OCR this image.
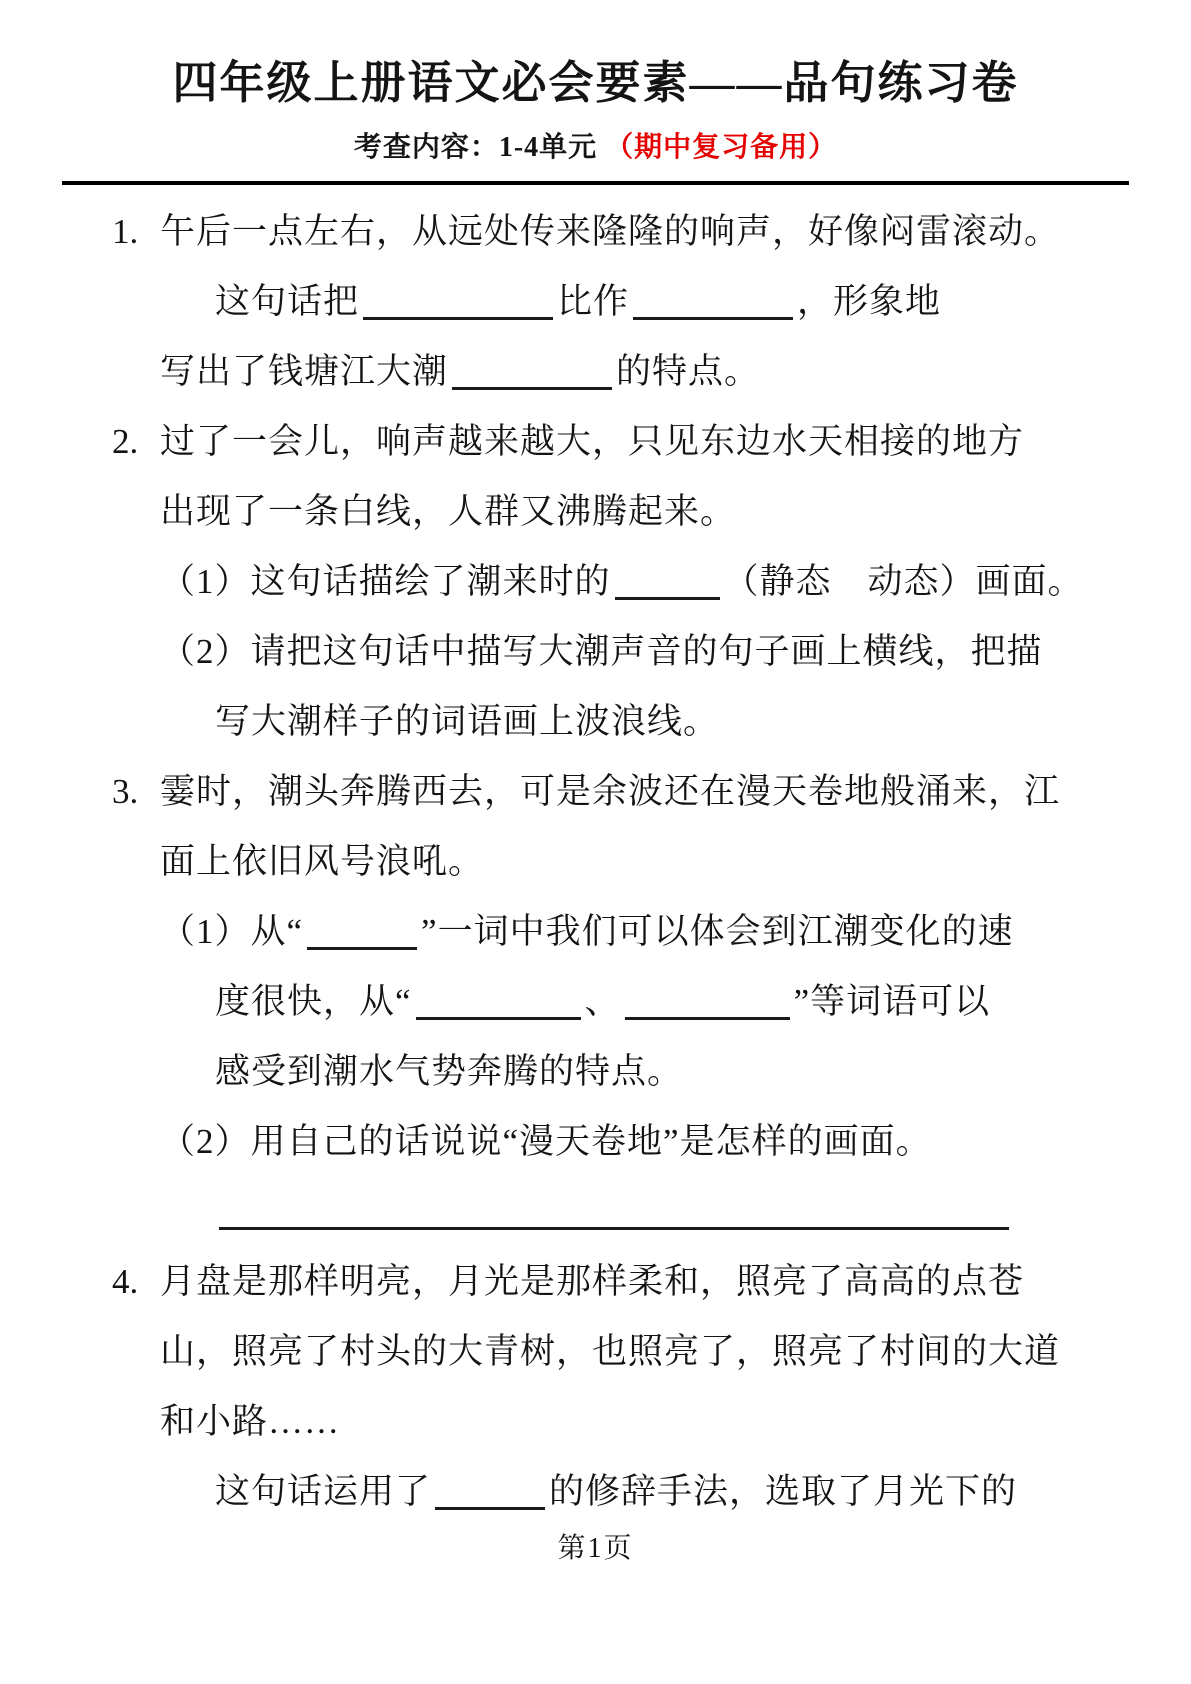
四年级上册语文必会要素——品句练习卷
考查内容：1-4单元 （期中复习备用）
1. 午后一点左右，从远处传来隆隆的响声，好像闷雷滚动。
这句话把	比作	，形象地
写出了钱塘江大潮	的特点。
2. 过了一会儿，响声越来越大，只见东边水天相接的地方
出现了一条白线，人群又沸腾起来。
（1）这句话描绘了潮来时的	（静态　动态）画面。
（2）请把这句话中描写大潮声音的句子画上横线，把描
写大潮样子的词语画上波浪线。
3. 霎时，潮头奔腾西去，可是余波还在漫天卷地般涌来，江
面上依旧风号浪吼。
（1）从“	”一词中我们可以体会到江潮变化的速
度很快，从“	、	”等词语可以
感受到潮水气势奔腾的特点。
（2）用自己的话说说“漫天卷地”是怎样的画面。
4. 月盘是那样明亮，月光是那样柔和，照亮了高高的点苍
山，照亮了村头的大青树，也照亮了，照亮了村间的大道
和小路……
这句话运用了	的修辞手法，选取了月光下的
第1页
